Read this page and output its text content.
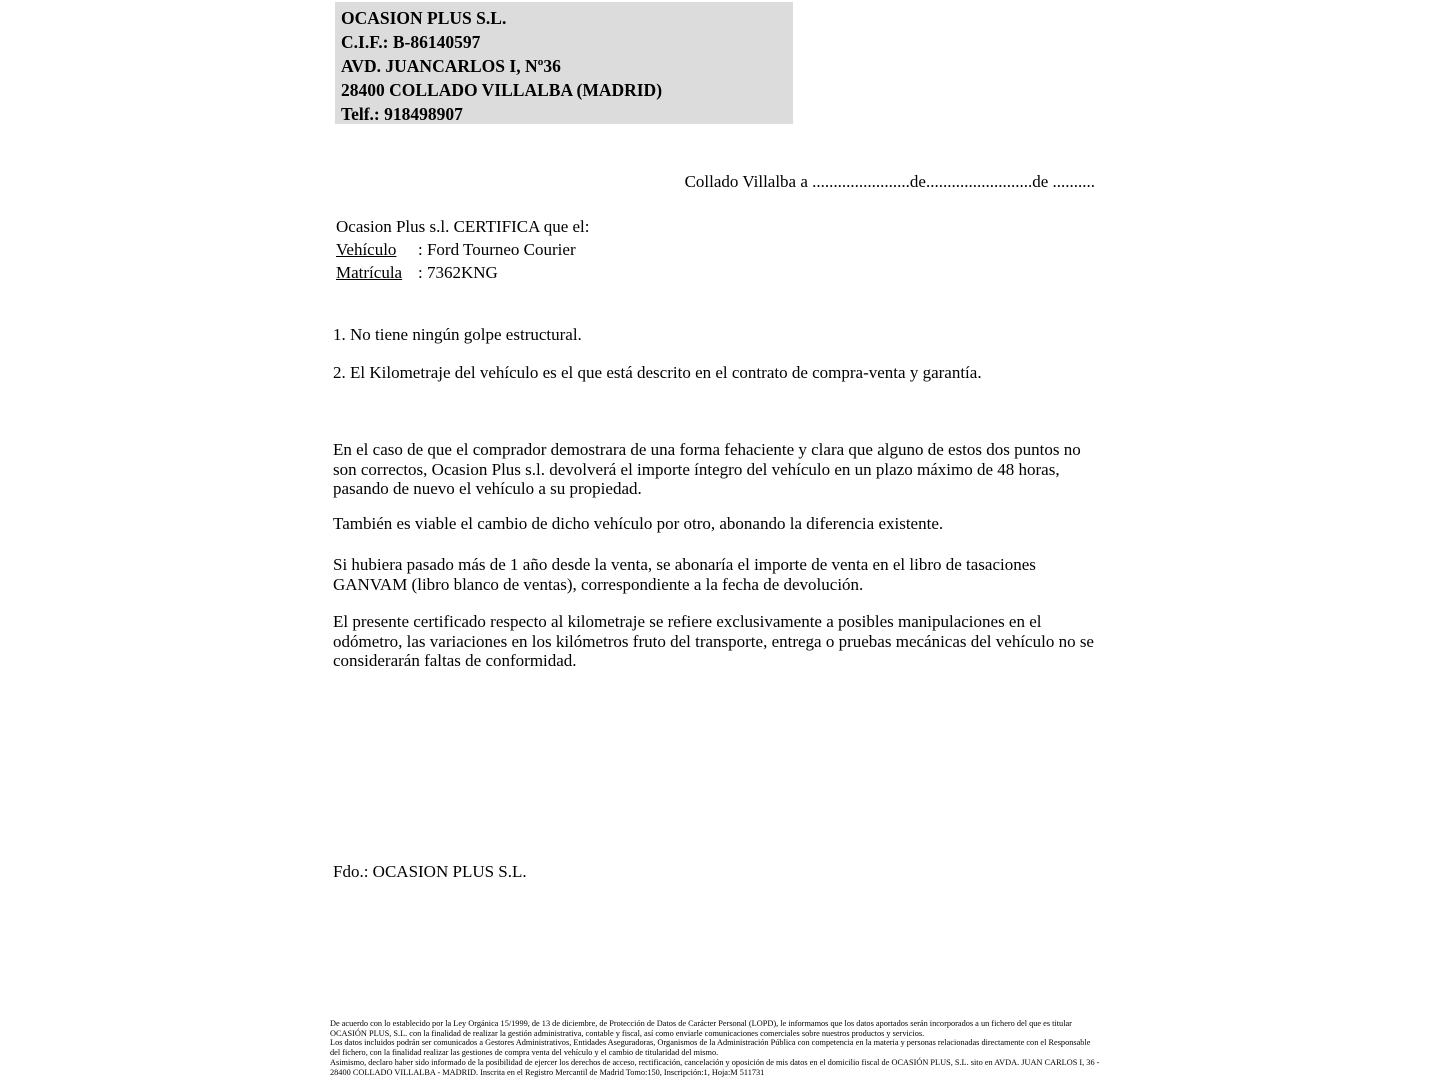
OCASION PLUS S.L.
C.I.F.: B-86140597
AVD. JUANCARLOS I, Nº36
28400 COLLADO VILLALBA (MADRID)
Telf.: 918498907
Collado Villalba a .......................de.........................de ..........
Ocasion Plus s.l. CERTIFICA que el:
Vehículo : Ford Tourneo Courier
Matrícula : 7362KNG
1. No tiene ningún golpe estructural.
2. El Kilometraje del vehículo es el que está descrito en el contrato de compra-venta y garantía.
En el caso de que el comprador demostrara de una forma fehaciente y clara que alguno de estos dos puntos no son correctos, Ocasion Plus s.l. devolverá el importe íntegro del vehículo en un plazo máximo de 48 horas, pasando de nuevo el vehículo a su propiedad.
También es viable el cambio de dicho vehículo por otro, abonando la diferencia existente.
Si hubiera pasado más de 1 año desde la venta, se abonaría el importe de venta en el libro de tasaciones GANVAM (libro blanco de ventas), correspondiente a la fecha de devolución.
El presente certificado respecto al kilometraje se refiere exclusivamente a posibles manipulaciones en el odómetro, las variaciones en los kilómetros fruto del transporte, entrega o pruebas mecánicas del vehículo no se considerarán faltas de conformidad.
Fdo.: OCASION PLUS S.L.

De acuerdo con lo establecido por la Ley Orgánica 15/1999, de 13 de diciembre, de Protección de Datos de Carácter Personal (LOPD), le informamos que los datos aportados serán incorporados a un fichero del que es titular OCASIÓN PLUS, S.L. con la finalidad de realizar la gestión administrativa, contable y fiscal, así como enviarle comunicaciones comerciales sobre nuestros productos y servicios.

Los datos incluidos podrán ser comunicados a Gestores Administrativos, Entidades Aseguradoras, Organismos de la Administración Pública con competencia en la materia y personas relacionadas directamente con el Responsable del fichero, con la finalidad realizar las gestiones de compra venta del vehículo y el cambio de titularidad del mismo.

Asimismo, declaro haber sido informado de la posibilidad de ejercer los derechos de acceso, rectificación, cancelación y oposición de mis datos en el domicilio fiscal de OCASIÓN PLUS, S.L. sito en AVDA. JUAN CARLOS I, 36 - 28400 COLLADO VILLALBA - MADRID. Inscrita en el Registro Mercantil de Madrid Tomo:150, Inscripción:1, Hoja:M 511731
